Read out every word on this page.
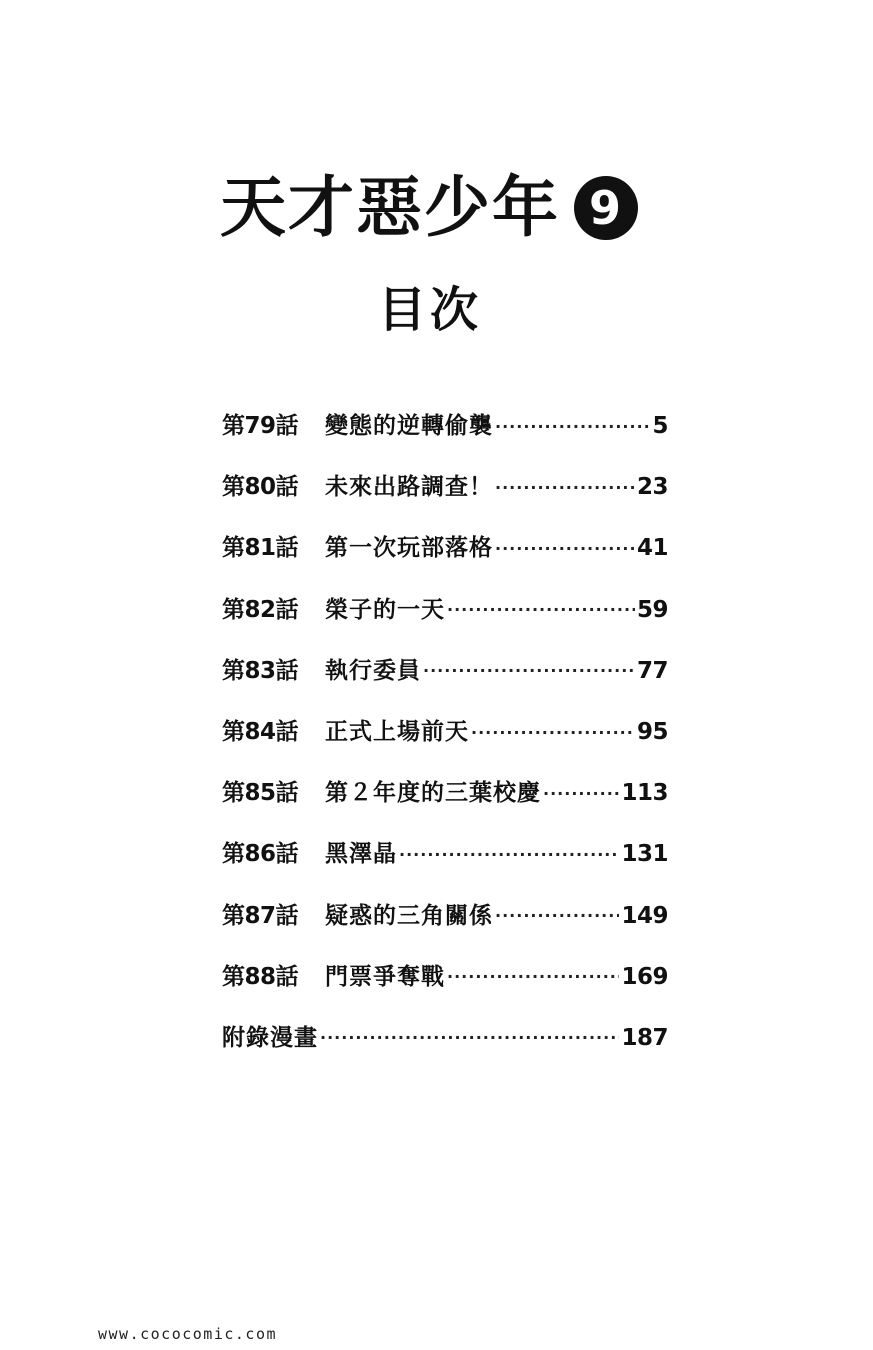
天才惡少年 9
目次
第79話	變態的逆轉偷襲 ·····	5
第80話	未來出路調查！ ·····	23
第81話	第一次玩部落格 ·····	41
第82話	榮子的一天 ·····	59
第83話	執行委員 ·····	77
第84話	正式上場前天 ·····	95
第85話	第２年度的三葉校慶 ·····	113
第86話	黑澤晶 ·····	131
第87話	疑惑的三角關係 ·····	149
第88話	門票爭奪戰 ·····	169
附錄漫畫 ·····	187
www.cococomic.com
